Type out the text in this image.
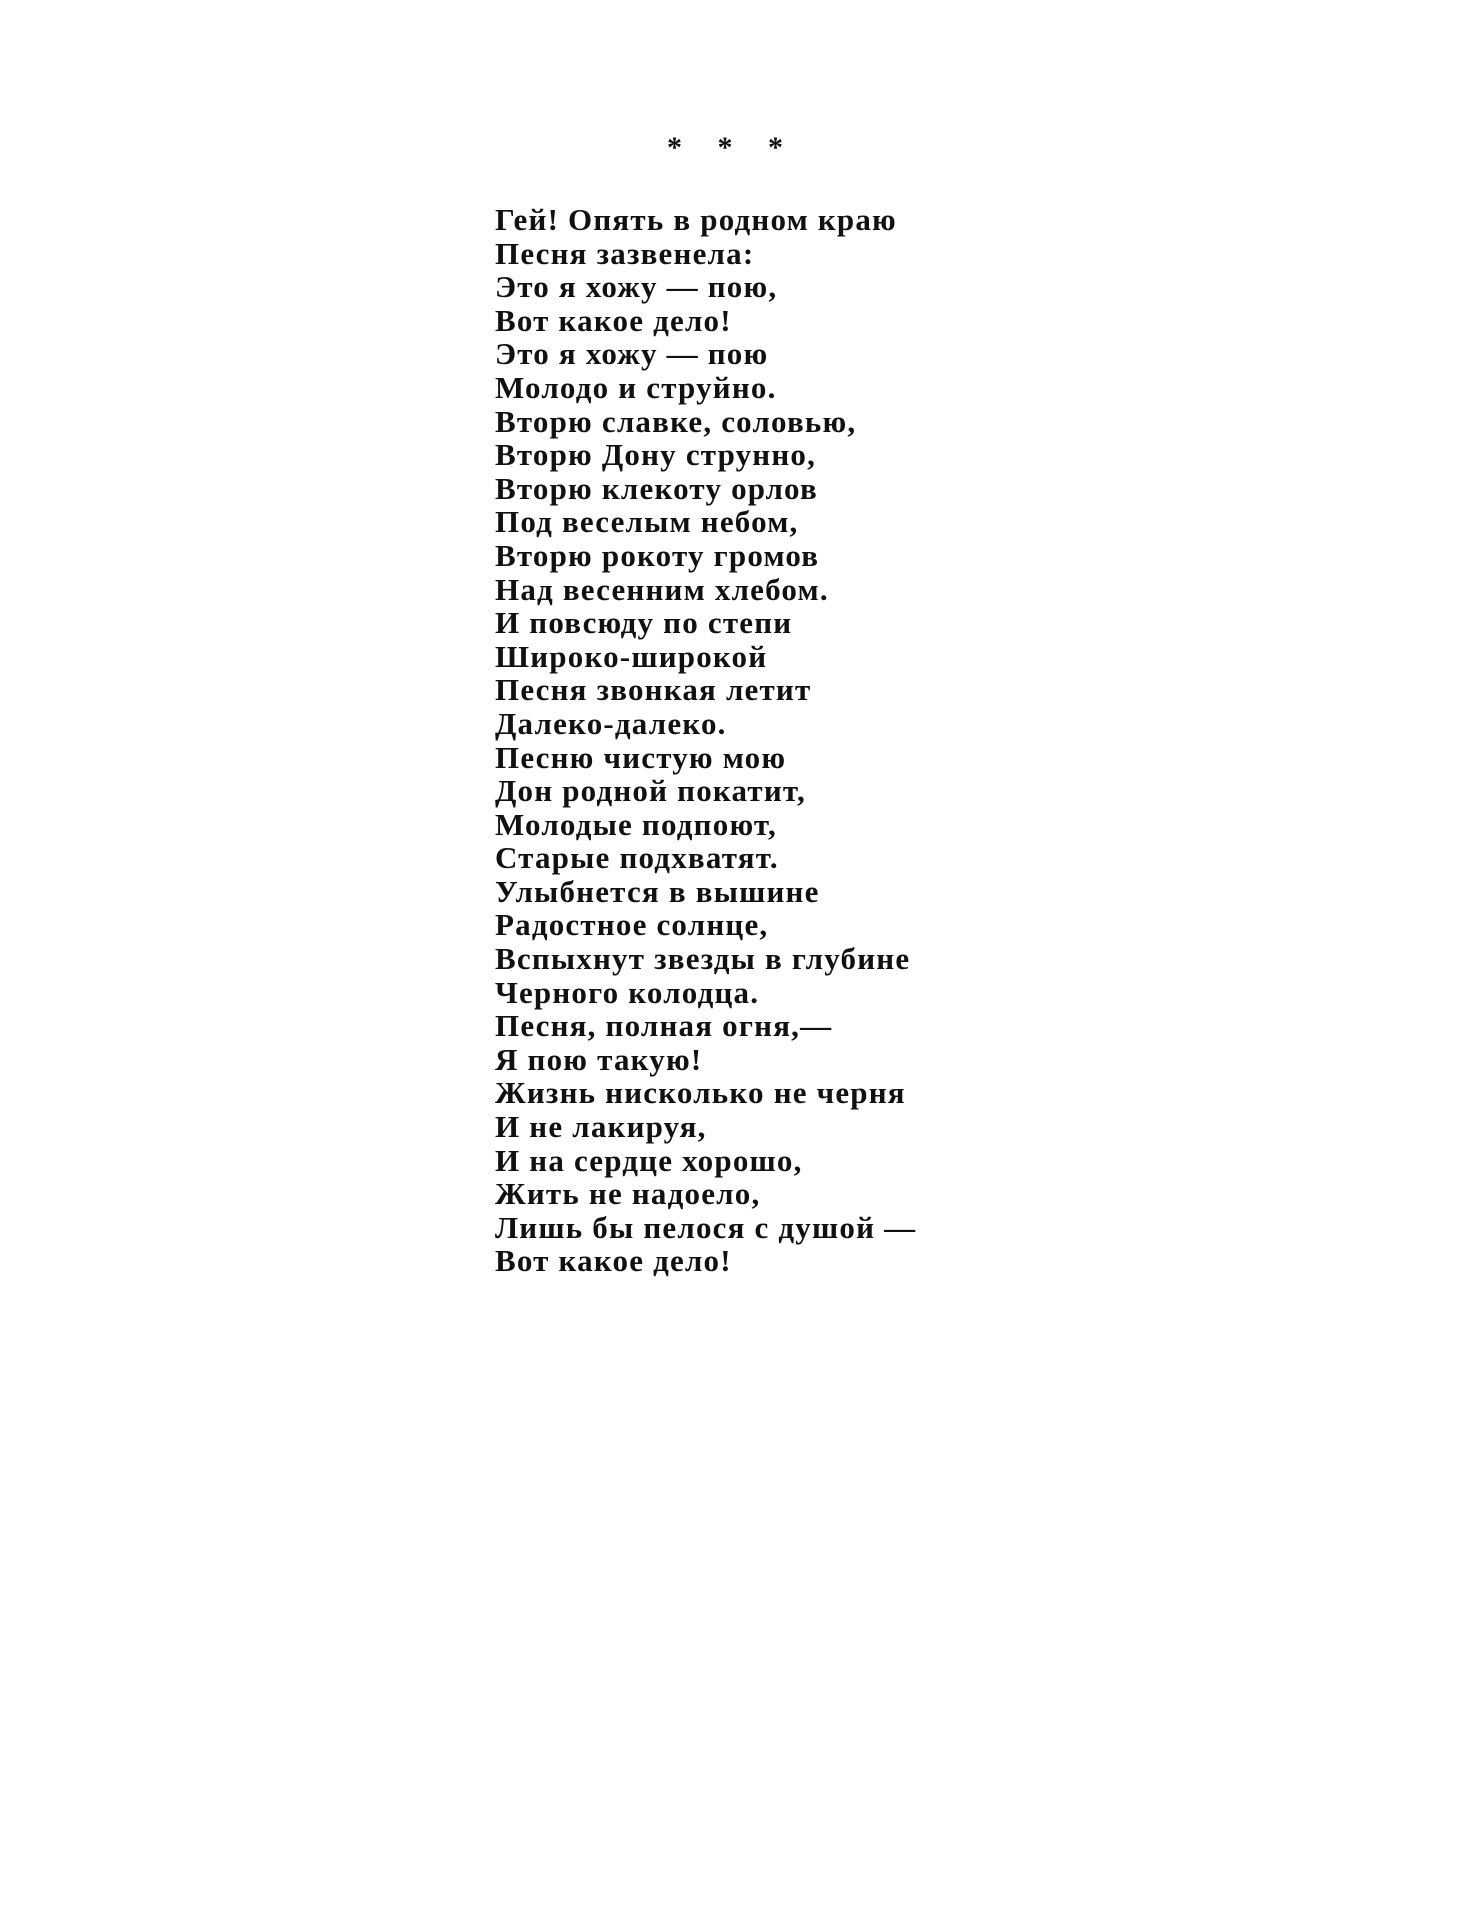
* * *
Гей! Опять в родном краю
Песня зазвенела:
Это я хожу — пою,
Вот какое дело!
Это я хожу — пою
Молодо и струйно.
Вторю славке, соловью,
Вторю Дону струнно,
Вторю клекоту орлов
Под веселым небом,
Вторю рокоту громов
Над весенним хлебом.
И повсюду по степи
Широко-широкой
Песня звонкая летит
Далеко-далеко.
Песню чистую мою
Дон родной покатит,
Молодые подпоют,
Старые подхватят.
Улыбнется в вышине
Радостное солнце,
Вспыхнут звезды в глубине
Черного колодца.
Песня, полная огня,—
Я пою такую!
Жизнь нисколько не черня
И не лакируя,
И на сердце хорошо,
Жить не надоело,
Лишь бы пелося с душой —
Вот какое дело!
